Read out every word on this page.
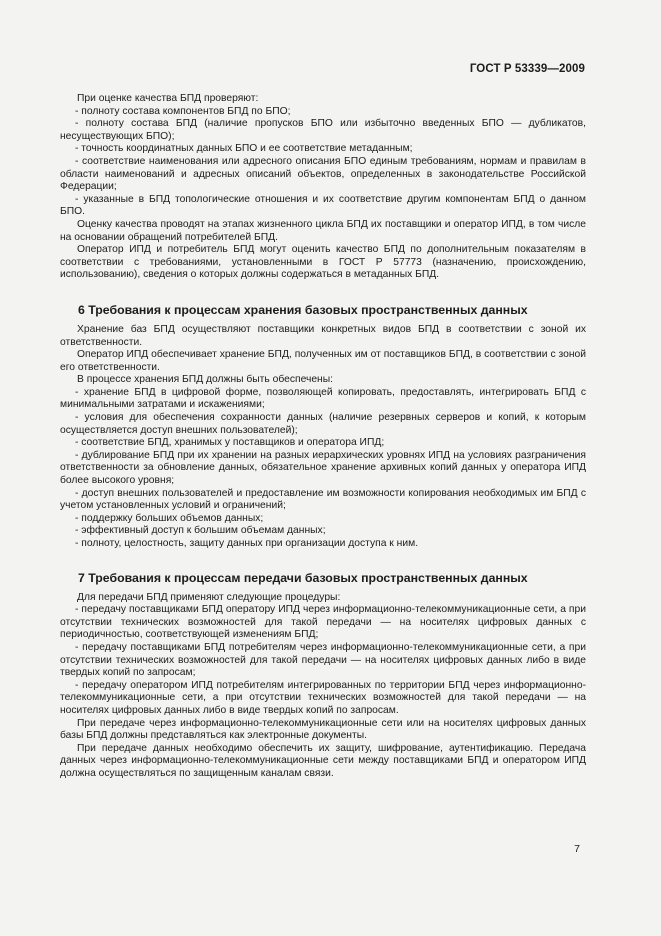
ГОСТ Р 53339—2009

При оценке качества БПД проверяют:

- полноту состава компонентов БПД по БПО;

- полноту состава БПД (наличие пропусков БПО или избыточно введенных БПО — дубликатов, несуществующих БПО);

- точность координатных данных БПО и ее соответствие метаданным;

- соответствие наименования или адресного описания БПО единым требованиям, нормам и правилам в области наименований и адресных описаний объектов, определенных в законодательстве Российской Федерации;

- указанные в БПД топологические отношения и их соответствие другим компонентам БПД о данном БПО.

Оценку качества проводят на этапах жизненного цикла БПД их поставщики и оператор ИПД, в том числе на основании обращений потребителей БПД.

Оператор ИПД и потребитель БПД могут оценить качество БПД по дополнительным показателям в соответствии с требованиями, установленными в ГОСТ Р 57773 (назначению, происхождению, использованию), сведения о которых должны содержаться в метаданных БПД.

6 Требования к процессам хранения базовых пространственных данных

Хранение баз БПД осуществляют поставщики конкретных видов БПД в соответствии с зоной их ответственности.

Оператор ИПД обеспечивает хранение БПД, полученных им от поставщиков БПД, в соответствии с зоной его ответственности.

В процессе хранения БПД должны быть обеспечены:

- хранение БПД в цифровой форме, позволяющей копировать, предоставлять, интегрировать БПД с минимальными затратами и искажениями;

- условия для обеспечения сохранности данных (наличие резервных серверов и копий, к которым осуществляется доступ внешних пользователей);

- соответствие БПД, хранимых у поставщиков и оператора ИПД;

- дублирование БПД при их хранении на разных иерархических уровнях ИПД на условиях разграничения ответственности за обновление данных, обязательное хранение архивных копий данных у оператора ИПД более высокого уровня;

- доступ внешних пользователей и предоставление им возможности копирования необходимых им БПД с учетом установленных условий и ограничений;

- поддержку больших объемов данных;

- эффективный доступ к большим объемам данных;

- полноту, целостность, защиту данных при организации доступа к ним.

7 Требования к процессам передачи базовых пространственных данных

Для передачи БПД применяют следующие процедуры:

- передачу поставщиками БПД оператору ИПД через информационно-телекоммуникационные сети, а при отсутствии технических возможностей для такой передачи — на носителях цифровых данных с периодичностью, соответствующей изменениям БПД;

- передачу поставщиками БПД потребителям через информационно-телекоммуникационные сети, а при отсутствии технических возможностей для такой передачи — на носителях цифровых данных либо в виде твердых копий по запросам;

- передачу оператором ИПД потребителям интегрированных по территории БПД через информационно-телекоммуникационные сети, а при отсутствии технических возможностей для такой передачи — на носителях цифровых данных либо в виде твердых копий по запросам.

При передаче через информационно-телекоммуникационные сети или на носителях цифровых данных базы БПД должны представляться как электронные документы.

При передаче данных необходимо обеспечить их защиту, шифрование, аутентификацию. Передача данных через информационно-телекоммуникационные сети между поставщиками БПД и оператором ИПД должна осуществляться по защищенным каналам связи.

7
